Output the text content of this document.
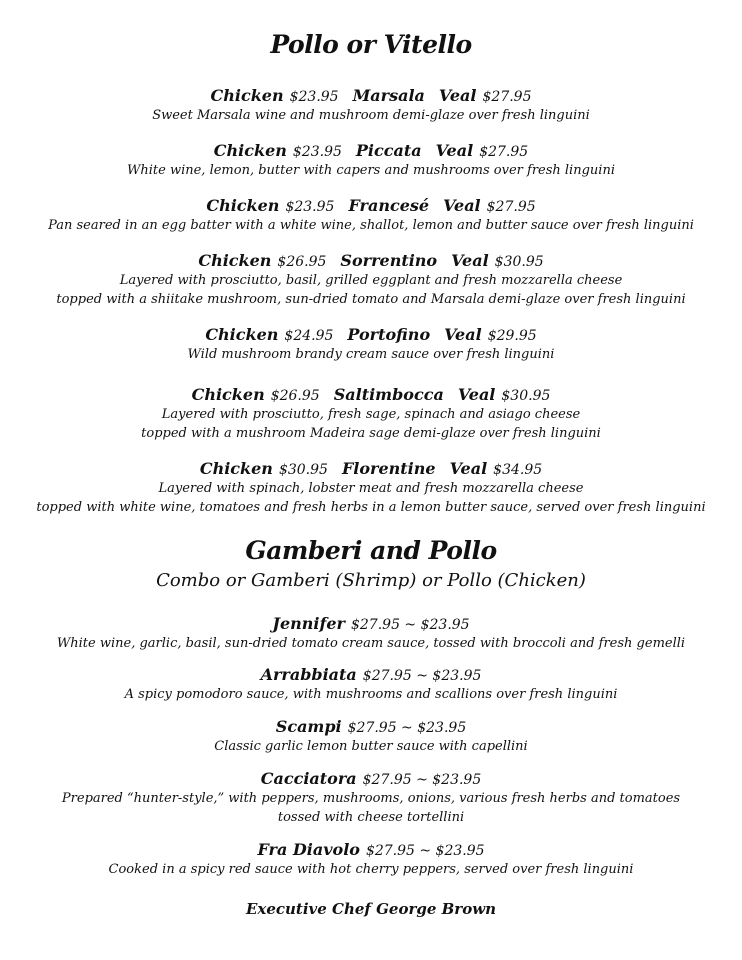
Pollo or Vitello
Chicken $23.95 Marsala Veal $27.95
Sweet Marsala wine and mushroom demi-glaze over fresh linguini
Chicken $23.95 Piccata Veal $27.95
White wine, lemon, butter with capers and mushrooms over fresh linguini
Chicken $23.95 Francesé Veal $27.95
Pan seared in an egg batter with a white wine, shallot, lemon and butter sauce over fresh linguini
Chicken $26.95 Sorrentino Veal $30.95
Layered with prosciutto, basil, grilled eggplant and fresh mozzarella cheese
topped with a shiitake mushroom, sun-dried tomato and Marsala demi-glaze over fresh linguini
Chicken $24.95 Portofino Veal $29.95
Wild mushroom brandy cream sauce over fresh linguini
Chicken $26.95 Saltimbocca Veal $30.95
Layered with prosciutto, fresh sage, spinach and asiago cheese
topped with a mushroom Madeira sage demi-glaze over fresh linguini
Chicken $30.95 Florentine Veal $34.95
Layered with spinach, lobster meat and fresh mozzarella cheese
topped with white wine, tomatoes and fresh herbs in a lemon butter sauce, served over fresh linguini
Gamberi and Pollo
Combo or Gamberi (Shrimp) or Pollo (Chicken)
Jennifer $27.95 ~ $23.95
White wine, garlic, basil, sun-dried tomato cream sauce, tossed with broccoli and fresh gemelli
Arrabbiata $27.95 ~ $23.95
A spicy pomodoro sauce, with mushrooms and scallions over fresh linguini
Scampi $27.95 ~ $23.95
Classic garlic lemon butter sauce with capellini
Cacciatora $27.95 ~ $23.95
Prepared “hunter-style,” with peppers, mushrooms, onions, various fresh herbs and tomatoes
tossed with cheese tortellini
Fra Diavolo $27.95 ~ $23.95
Cooked in a spicy red sauce with hot cherry peppers, served over fresh linguini
Executive Chef George Brown
